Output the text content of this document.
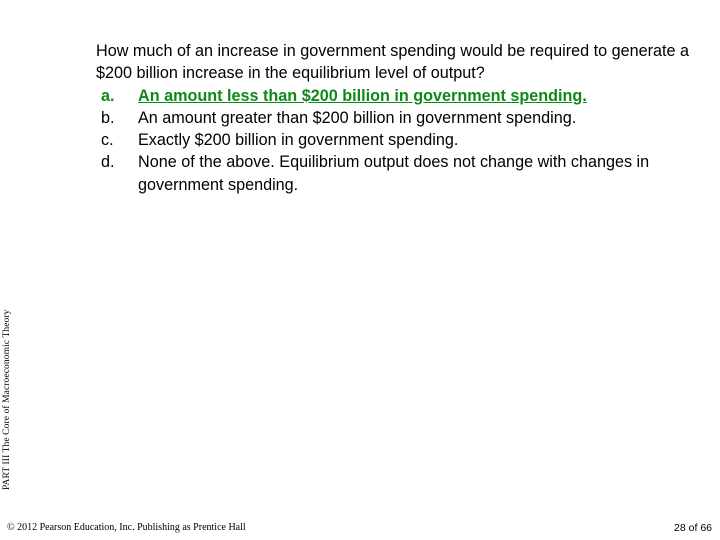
PART III The Core of Macroeconomic Theory

How much of an increase in government spending would be required to generate a $200 billion increase in the equilibrium level of output?

a.	An amount less than $200 billion in government spending.
b.	An amount greater than $200 billion in government spending.
c.	Exactly $200 billion in government spending.
d.	None of the above. Equilibrium output does not change with changes in government spending.
© 2012 Pearson Education, Inc. Publishing as Prentice Hall	28 of 66
